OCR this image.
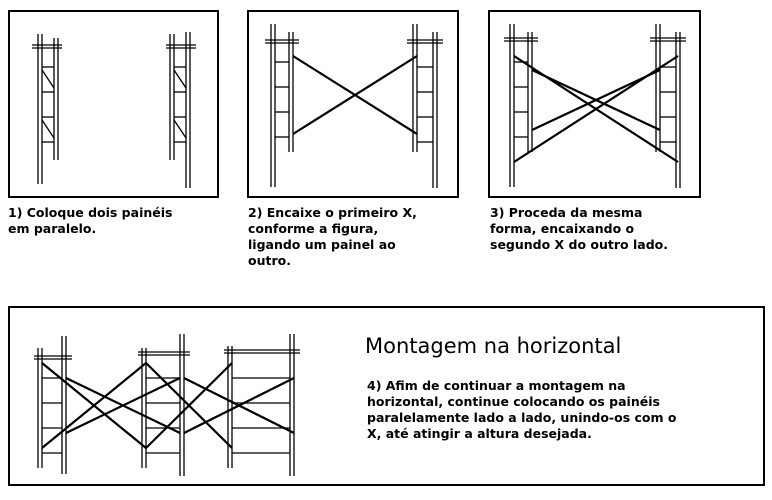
1) Coloque dois painéis
em paralelo.
2) Encaixe o primeiro X,
conforme a figura,
ligando um painel ao
outro.
3) Proceda da mesma
forma, encaixando o
segundo X do outro lado.
Montagem na horizontal
4) Afim de continuar a montagem na
horizontal, continue colocando os painéis
paralelamente lado a lado, unindo-os com o
X, até atingir a altura desejada.
